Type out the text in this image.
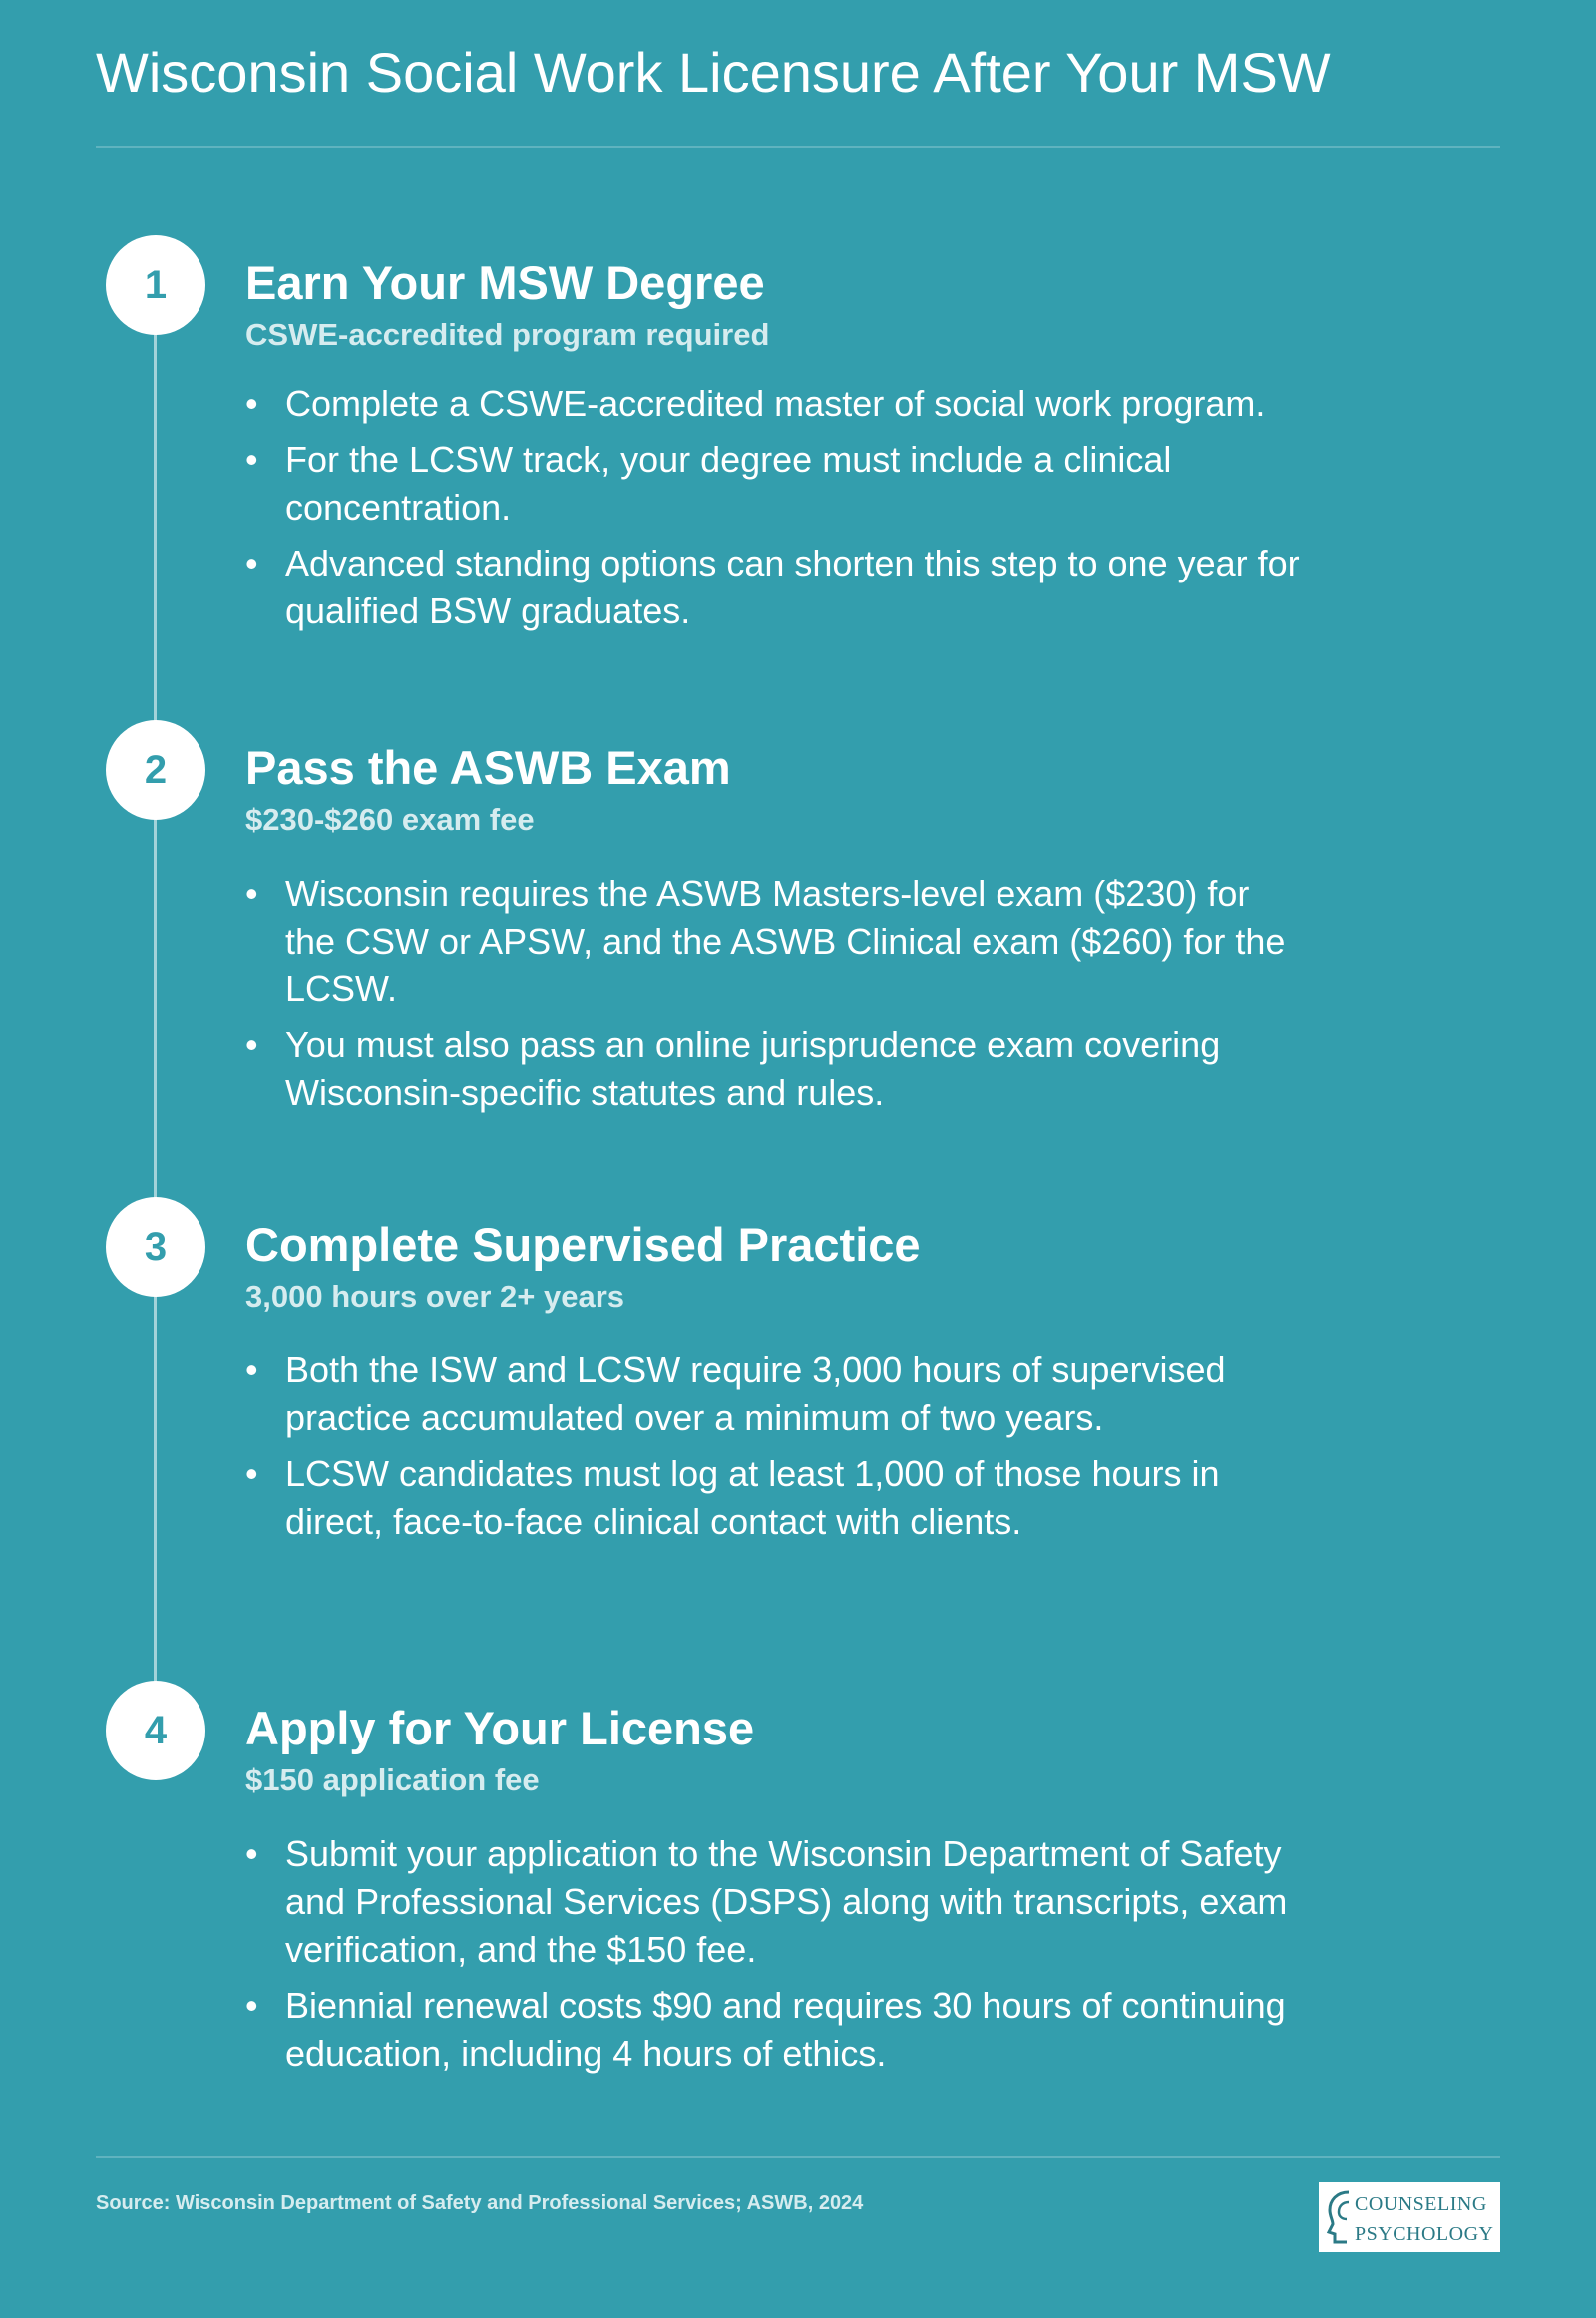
Wisconsin Social Work Licensure After Your MSW
1	Earn Your MSW Degree
CSWE-accredited program required
• Complete a CSWE-accredited master of social work program.
• For the LCSW track, your degree must include a clinical concentration.
• Advanced standing options can shorten this step to one year for qualified BSW graduates.
2	Pass the ASWB Exam
$230-$260 exam fee
• Wisconsin requires the ASWB Masters-level exam ($230) for the CSW or APSW, and the ASWB Clinical exam ($260) for the LCSW.
• You must also pass an online jurisprudence exam covering Wisconsin-specific statutes and rules.
3	Complete Supervised Practice
3,000 hours over 2+ years
• Both the ISW and LCSW require 3,000 hours of supervised practice accumulated over a minimum of two years.
• LCSW candidates must log at least 1,000 of those hours in direct, face-to-face clinical contact with clients.
4	Apply for Your License
$150 application fee
• Submit your application to the Wisconsin Department of Safety and Professional Services (DSPS) along with transcripts, exam verification, and the $150 fee.
• Biennial renewal costs $90 and requires 30 hours of continuing education, including 4 hours of ethics.
Source: Wisconsin Department of Safety and Professional Services; ASWB, 2024	COUNSELING
PSYCHOLOGY
